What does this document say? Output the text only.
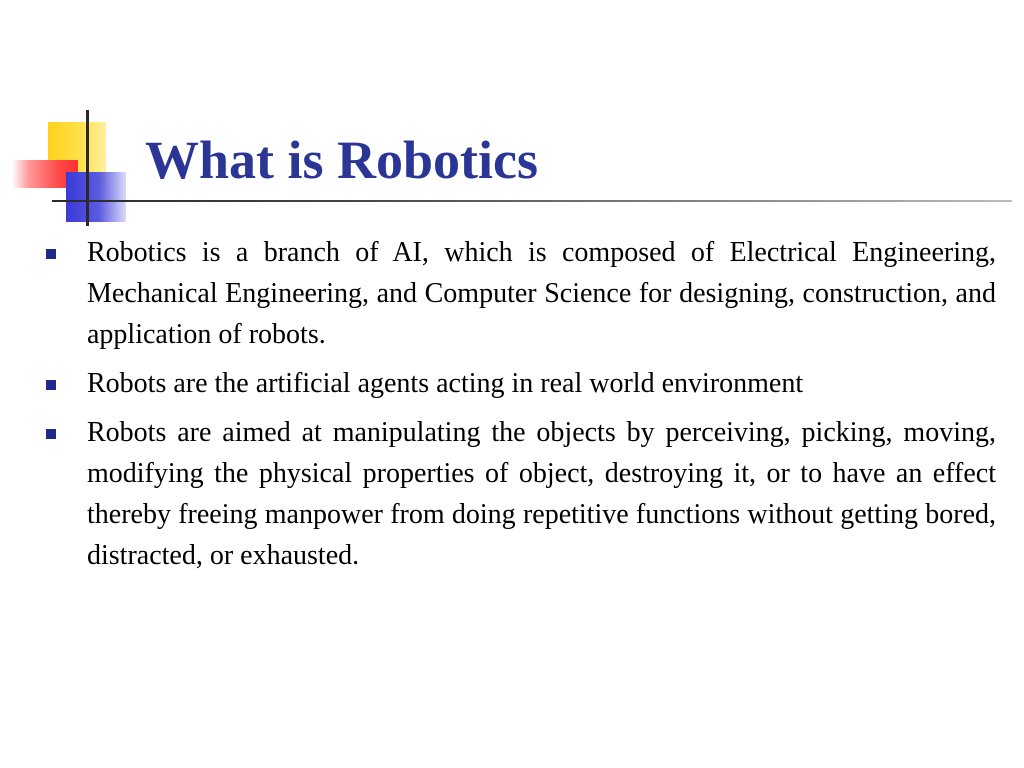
What is Robotics
Robotics is a branch of AI, which is composed of Electrical Engineering, Mechanical Engineering, and Computer Science for designing, construction, and application of robots.
Robots are the artificial agents acting in real world environment
Robots are aimed at manipulating the objects by perceiving, picking, moving, modifying the physical properties of object, destroying it, or to have an effect thereby freeing manpower from doing repetitive functions without getting bored, distracted, or exhausted.
